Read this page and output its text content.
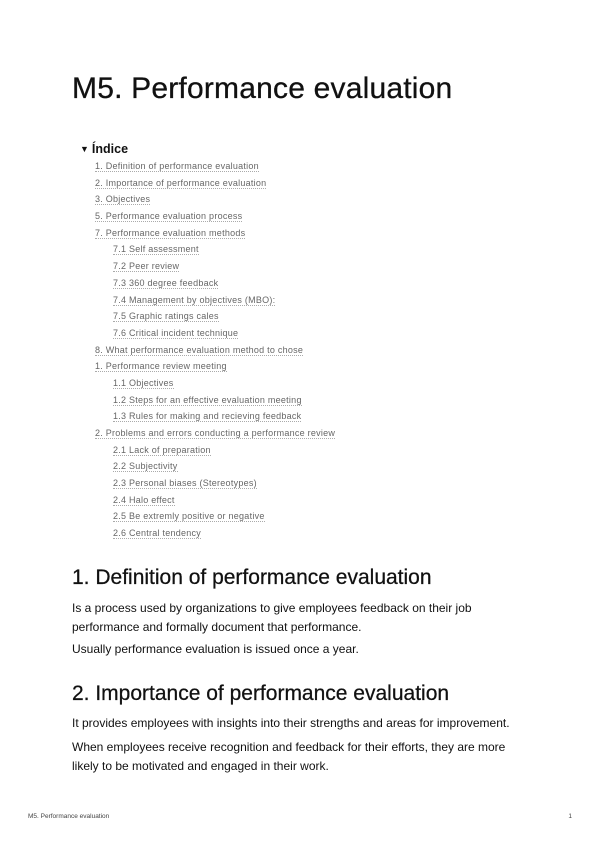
M5. Performance evaluation
▼ Índice
1. Definition of performance evaluation
2. Importance of performance evaluation
3. Objectives
5. Performance evaluation process
7. Performance evaluation methods
7.1 Self assessment
7.2 Peer review
7.3 360 degree feedback
7.4 Management by objectives (MBO):
7.5 Graphic ratings cales
7.6 Critical incident technique
8. What performance evaluation method to chose
1. Performance review meeting
1.1 Objectives
1.2 Steps for an effective evaluation meeting
1.3 Rules for making and recieving feedback
2. Problems and errors conducting a performance review
2.1 Lack of preparation
2.2 Subjectivity
2.3 Personal biases (Stereotypes)
2.4 Halo effect
2.5 Be extremly positive or negative
2.6 Central tendency
1. Definition of performance evaluation

Is a process used by organizations to give employees feedback on their job performance and formally document that performance.

Usually performance evaluation is issued once a year.

2. Importance of performance evaluation

It provides employees with insights into their strengths and areas for improvement.

When employees receive recognition and feedback for their efforts, they are more likely to be motivated and engaged in their work.

M5. Performance evaluation	1
